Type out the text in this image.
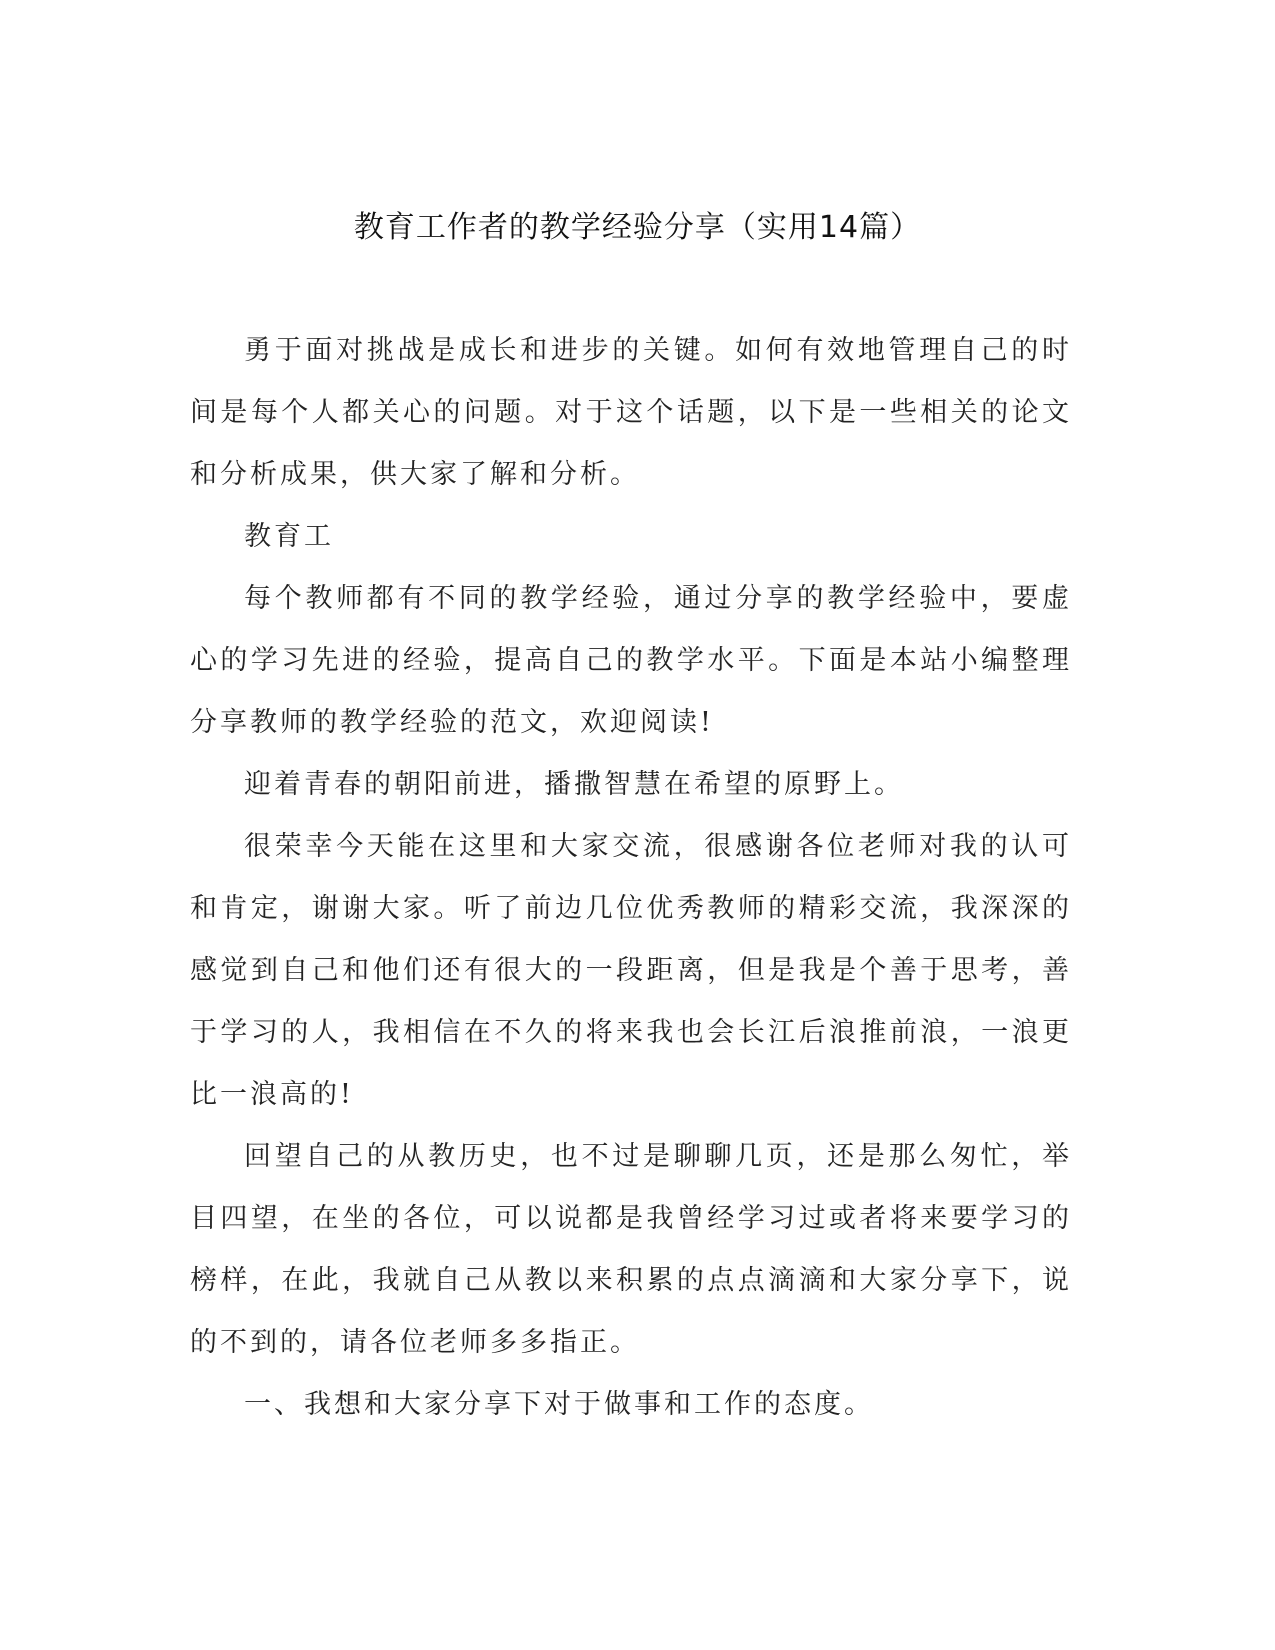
教育工作者的教学经验分享（实用14篇）

勇于面对挑战是成长和进步的关键。如何有效地管理自己的时间是每个人都关心的问题。对于这个话题，以下是一些相关的论文和分析成果，供大家了解和分析。

教育工

每个教师都有不同的教学经验，通过分享的教学经验中，要虚心的学习先进的经验，提高自己的教学水平。下面是本站小编整理分享教师的教学经验的范文，欢迎阅读!

迎着青春的朝阳前进，播撒智慧在希望的原野上。

很荣幸今天能在这里和大家交流，很感谢各位老师对我的认可和肯定，谢谢大家。听了前边几位优秀教师的精彩交流，我深深的感觉到自己和他们还有很大的一段距离，但是我是个善于思考，善于学习的人，我相信在不久的将来我也会长江后浪推前浪，一浪更比一浪高的!

回望自己的从教历史，也不过是聊聊几页，还是那么匆忙，举目四望，在坐的各位，可以说都是我曾经学习过或者将来要学习的榜样，在此，我就自己从教以来积累的点点滴滴和大家分享下，说的不到的，请各位老师多多指正。

一、我想和大家分享下对于做事和工作的态度。
